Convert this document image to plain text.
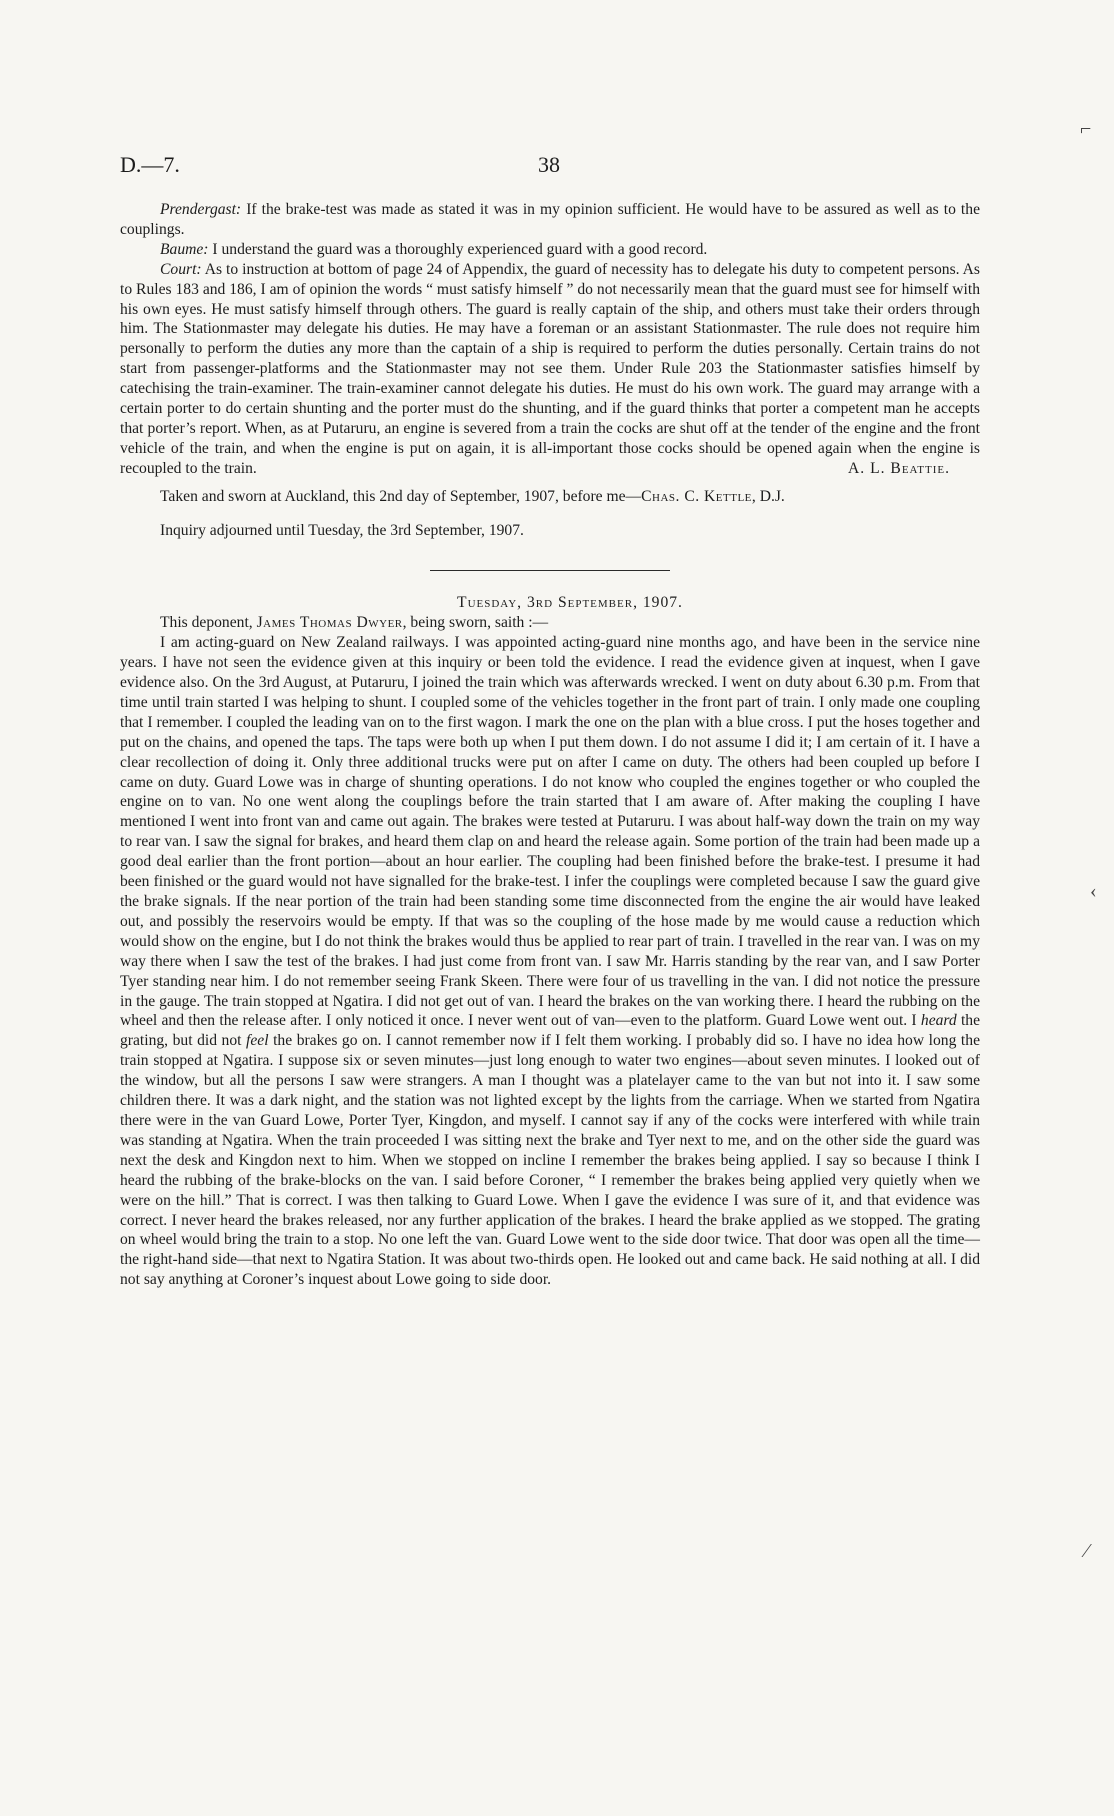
D.—7.	38
⌐
‹
⁄

Prendergast: If the brake-test was made as stated it was in my opinion sufficient. He would have to be assured as well as to the couplings.

Baume: I understand the guard was a thoroughly experienced guard with a good record.

Court: As to instruction at bottom of page 24 of Appendix, the guard of necessity has to delegate his duty to competent persons. As to Rules 183 and 186, I am of opinion the words “ must satisfy himself ” do not necessarily mean that the guard must see for himself with his own eyes. He must satisfy himself through others. The guard is really captain of the ship, and others must take their orders through him. The Stationmaster may delegate his duties. He may have a foreman or an assistant Stationmaster. The rule does not require him personally to perform the duties any more than the captain of a ship is required to perform the duties personally. Certain trains do not start from passenger-platforms and the Stationmaster may not see them. Under Rule 203 the Stationmaster satisfies himself by catechising the train-examiner. The train-examiner cannot delegate his duties. He must do his own work. The guard may arrange with a certain porter to do certain shunting and the porter must do the shunting, and if the guard thinks that porter a competent man he accepts that porter’s report. When, as at Putaruru, an engine is severed from a train the cocks are shut off at the tender of the engine and the front vehicle of the train, and when the engine is put on again, it is all-important those cocks should be opened again when the engine is recoupled to the train.	A. L. Beattie.

Taken and sworn at Auckland, this 2nd day of September, 1907, before me—Chas. C. Kettle, D.J.

Inquiry adjourned until Tuesday, the 3rd September, 1907.

Tuesday, 3rd September, 1907.

This deponent, James Thomas Dwyer, being sworn, saith :—

I am acting-guard on New Zealand railways. I was appointed acting-guard nine months ago, and have been in the service nine years. I have not seen the evidence given at this inquiry or been told the evidence. I read the evidence given at inquest, when I gave evidence also. On the 3rd August, at Putaruru, I joined the train which was afterwards wrecked. I went on duty about 6.30 p.m. From that time until train started I was helping to shunt. I coupled some of the vehicles together in the front part of train. I only made one coupling that I remember. I coupled the leading van on to the first wagon. I mark the one on the plan with a blue cross. I put the hoses together and put on the chains, and opened the taps. The taps were both up when I put them down. I do not assume I did it; I am certain of it. I have a clear recollection of doing it. Only three additional trucks were put on after I came on duty. The others had been coupled up before I came on duty. Guard Lowe was in charge of shunting operations. I do not know who coupled the engines together or who coupled the engine on to van. No one went along the couplings before the train started that I am aware of. After making the coupling I have mentioned I went into front van and came out again. The brakes were tested at Putaruru. I was about half-way down the train on my way to rear van. I saw the signal for brakes, and heard them clap on and heard the release again. Some portion of the train had been made up a good deal earlier than the front portion—about an hour earlier. The coupling had been finished before the brake-test. I presume it had been finished or the guard would not have signalled for the brake-test. I infer the couplings were completed because I saw the guard give the brake signals. If the near portion of the train had been standing some time disconnected from the engine the air would have leaked out, and possibly the reservoirs would be empty. If that was so the coupling of the hose made by me would cause a reduction which would show on the engine, but I do not think the brakes would thus be applied to rear part of train. I travelled in the rear van. I was on my way there when I saw the test of the brakes. I had just come from front van. I saw Mr. Harris standing by the rear van, and I saw Porter Tyer standing near him. I do not remember seeing Frank Skeen. There were four of us travelling in the van. I did not notice the pressure in the gauge. The train stopped at Ngatira. I did not get out of van. I heard the brakes on the van working there. I heard the rubbing on the wheel and then the release after. I only noticed it once. I never went out of van—even to the platform. Guard Lowe went out. I heard the grating, but did not feel the brakes go on. I cannot remember now if I felt them working. I probably did so. I have no idea how long the train stopped at Ngatira. I suppose six or seven minutes—just long enough to water two engines—about seven minutes. I looked out of the window, but all the persons I saw were strangers. A man I thought was a platelayer came to the van but not into it. I saw some children there. It was a dark night, and the station was not lighted except by the lights from the carriage. When we started from Ngatira there were in the van Guard Lowe, Porter Tyer, Kingdon, and myself. I cannot say if any of the cocks were interfered with while train was standing at Ngatira. When the train proceeded I was sitting next the brake and Tyer next to me, and on the other side the guard was next the desk and Kingdon next to him. When we stopped on incline I remember the brakes being applied. I say so because I think I heard the rubbing of the brake-blocks on the van. I said before Coroner, “ I remember the brakes being applied very quietly when we were on the hill.” That is correct. I was then talking to Guard Lowe. When I gave the evidence I was sure of it, and that evidence was correct. I never heard the brakes released, nor any further application of the brakes. I heard the brake applied as we stopped. The grating on wheel would bring the train to a stop. No one left the van. Guard Lowe went to the side door twice. That door was open all the time—the right-hand side—that next to Ngatira Station. It was about two-thirds open. He looked out and came back. He said nothing at all. I did not say anything at Coroner’s inquest about Lowe going to side door.
